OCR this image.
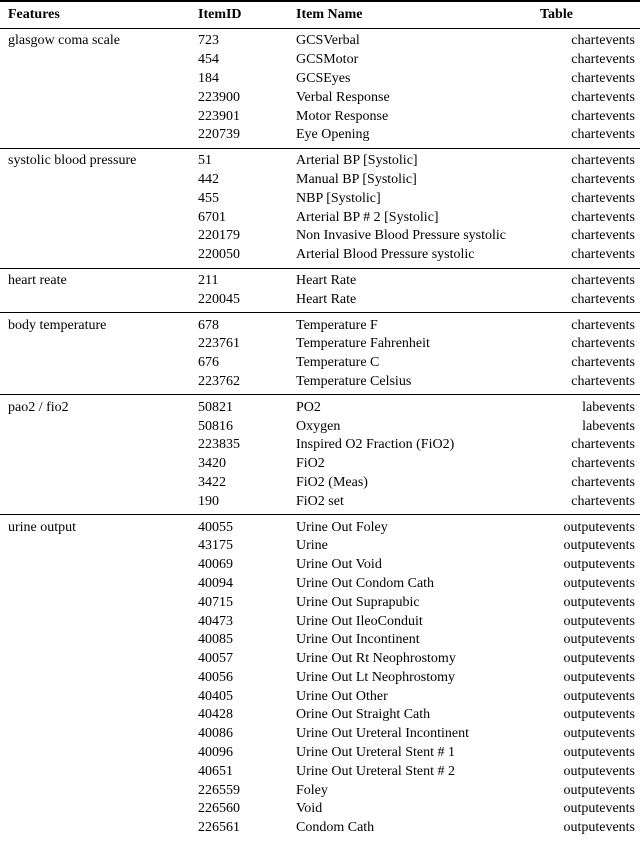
Features	ItemID	Item Name	Table
glasgow coma scale	723	GCSVerbal	chartevents
	454	GCSMotor	chartevents
	184	GCSEyes	chartevents
	223900	Verbal Response	chartevents
	223901	Motor Response	chartevents
	220739	Eye Opening	chartevents
systolic blood pressure	51	Arterial BP [Systolic]	chartevents
	442	Manual BP [Systolic]	chartevents
	455	NBP [Systolic]	chartevents
	6701	Arterial BP # 2 [Systolic]	chartevents
	220179	Non Invasive Blood Pressure systolic	chartevents
	220050	Arterial Blood Pressure systolic	chartevents
heart reate	211	Heart Rate	chartevents
	220045	Heart Rate	chartevents
body temperature	678	Temperature F	chartevents
	223761	Temperature Fahrenheit	chartevents
	676	Temperature C	chartevents
	223762	Temperature Celsius	chartevents
pao2 / fio2	50821	PO2	labevents
	50816	Oxygen	labevents
	223835	Inspired O2 Fraction (FiO2)	chartevents
	3420	FiO2	chartevents
	3422	FiO2 (Meas)	chartevents
	190	FiO2 set	chartevents
urine output	40055	Urine Out Foley	outputevents
	43175	Urine	outputevents
	40069	Urine Out Void	outputevents
	40094	Urine Out Condom Cath	outputevents
	40715	Urine Out Suprapubic	outputevents
	40473	Urine Out IleoConduit	outputevents
	40085	Urine Out Incontinent	outputevents
	40057	Urine Out Rt Neophrostomy	outputevents
	40056	Urine Out Lt Neophrostomy	outputevents
	40405	Urine Out Other	outputevents
	40428	Orine Out Straight Cath	outputevents
	40086	Urine Out Ureteral Incontinent	outputevents
	40096	Urine Out Ureteral Stent # 1	outputevents
	40651	Urine Out Ureteral Stent # 2	outputevents
	226559	Foley	outputevents
	226560	Void	outputevents
	226561	Condom Cath	outputevents
